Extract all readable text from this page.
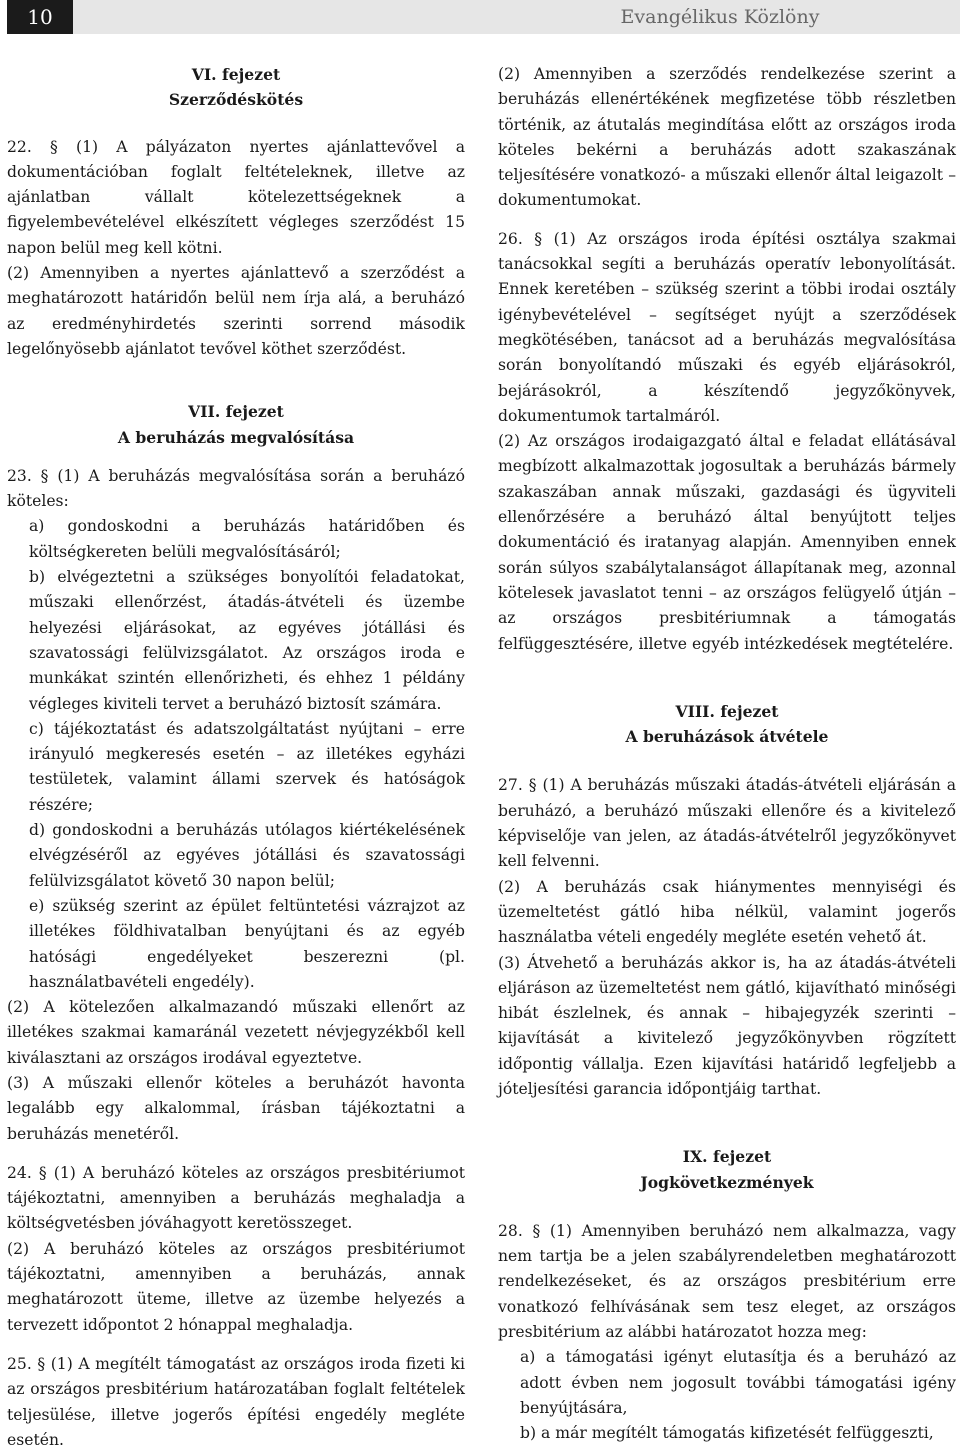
10	Evangélikus Közlöny
VI. fejezet
Szerződéskötés

22. § (1) A pályázaton nyertes ajánlattevővel a dokumentációban foglalt feltételeknek, illetve az ajánlatban vállalt kötelezettségeknek a figyelembevételével elkészített végleges szerződést 15 napon belül meg kell kötni.

(2) Amennyiben a nyertes ajánlattevő a szerződést a meghatározott határidőn belül nem írja alá, a beruházó az eredményhirdetés szerinti sorrend második legelőnyösebb ajánlatot tevővel köthet szerződést.

VII. fejezet
A beruházás megvalósítása

23. § (1) A beruházás megvalósítása során a beruházó köteles:

a) gondoskodni a beruházás határidőben és költségkereten belüli megvalósításáról;

b) elvégeztetni a szükséges bonyolítói feladatokat, műszaki ellenőrzést, átadás-átvételi és üzembe helyezési eljárásokat, az egyéves jótállási és szavatossági felülvizsgálatot. Az országos iroda e munkákat szintén ellenőrizheti, és ehhez 1 példány végleges kiviteli tervet a beruházó biztosít számára.

c) tájékoztatást és adatszolgáltatást nyújtani – erre irányuló megkeresés esetén – az illetékes egyházi testületek, valamint állami szervek és hatóságok részére;

d) gondoskodni a beruházás utólagos kiértékelésének elvégzéséről az egyéves jótállási és szavatossági felülvizsgálatot követő 30 napon belül;

e) szükség szerint az épület feltüntetési vázrajzot az illetékes földhivatalban benyújtani és az egyéb hatósági engedélyeket beszerezni (pl. használatbavételi engedély).

(2) A kötelezően alkalmazandó műszaki ellenőrt az illetékes szakmai kamaránál vezetett névjegyzékből kell kiválasztani az országos irodával egyeztetve.

(3) A műszaki ellenőr köteles a beruházót havonta legalább egy alkalommal, írásban tájékoztatni a beruházás menetéről.

24. § (1) A beruházó köteles az országos presbitériumot tájékoztatni, amennyiben a beruházás meghaladja a költségvetésben jóváhagyott keretösszeget.

(2) A beruházó köteles az országos presbitériumot tájékoztatni, amennyiben a beruházás, annak meghatározott üteme, illetve az üzembe helyezés a tervezett időpontot 2 hónappal meghaladja.

25. § (1) A megítélt támogatást az országos iroda fizeti ki az országos presbitérium határozatában foglalt feltételek teljesülése, illetve jogerős építési engedély megléte esetén.

(2) Amennyiben a szerződés rendelkezése szerint a beruházás ellenértékének megfizetése több részletben történik, az átutalás megindítása előtt az országos iroda köteles bekérni a beruházás adott szakaszának teljesítésére vonatkozó- a műszaki ellenőr által leigazolt – dokumentumokat.

26. § (1) Az országos iroda építési osztálya szakmai tanácsokkal segíti a beruházás operatív lebonyolítását. Ennek keretében – szükség szerint a többi irodai osztály igénybevételével – segítséget nyújt a szerződések megkötésében, tanácsot ad a beruházás megvalósítása során bonyolítandó műszaki és egyéb eljárásokról, bejárásokról, a készítendő jegyzőkönyvek, dokumentumok tartalmáról.

(2) Az országos irodaigazgató által e feladat ellátásával megbízott alkalmazottak jogosultak a beruházás bármely szakaszában annak műszaki, gazdasági és ügyviteli ellenőrzésére a beruházó által benyújtott teljes dokumentáció és iratanyag alapján. Amennyiben ennek során súlyos szabálytalanságot állapítanak meg, azonnal kötelesek javaslatot tenni – az országos felügyelő útján – az országos presbitériumnak a támogatás felfüggesztésére, illetve egyéb intézkedések megtételére.

VIII. fejezet
A beruházások átvétele

27. § (1) A beruházás műszaki átadás-átvételi eljárásán a beruházó, a beruházó műszaki ellenőre és a kivitelező képviselője van jelen, az átadás-átvételről jegyzőkönyvet kell felvenni.

(2) A beruházás csak hiánymentes mennyiségi és üzemeltetést gátló hiba nélkül, valamint jogerős használatba vételi engedély megléte esetén vehető át.

(3) Átvehető a beruházás akkor is, ha az átadás-átvételi eljáráson az üzemeltetést nem gátló, kijavítható minőségi hibát észlelnek, és annak – hibajegyzék szerinti – kijavítását a kivitelező jegyzőkönyvben rögzített időpontig vállalja. Ezen kijavítási határidő legfeljebb a jóteljesítési garancia időpontjáig tarthat.

IX. fejezet
Jogkövetkezmények

28. § (1) Amennyiben beruházó nem alkalmazza, vagy nem tartja be a jelen szabályrendeletben meghatározott rendelkezéseket, és az országos presbitérium erre vonatkozó felhívásának sem tesz eleget, az országos presbitérium az alábbi határozatot hozza meg:

a) a támogatási igényt elutasítja és a beruházó az adott évben nem jogosult további támogatási igény benyújtására,

b) a már megítélt támogatás kifizetését felfüggeszti,
